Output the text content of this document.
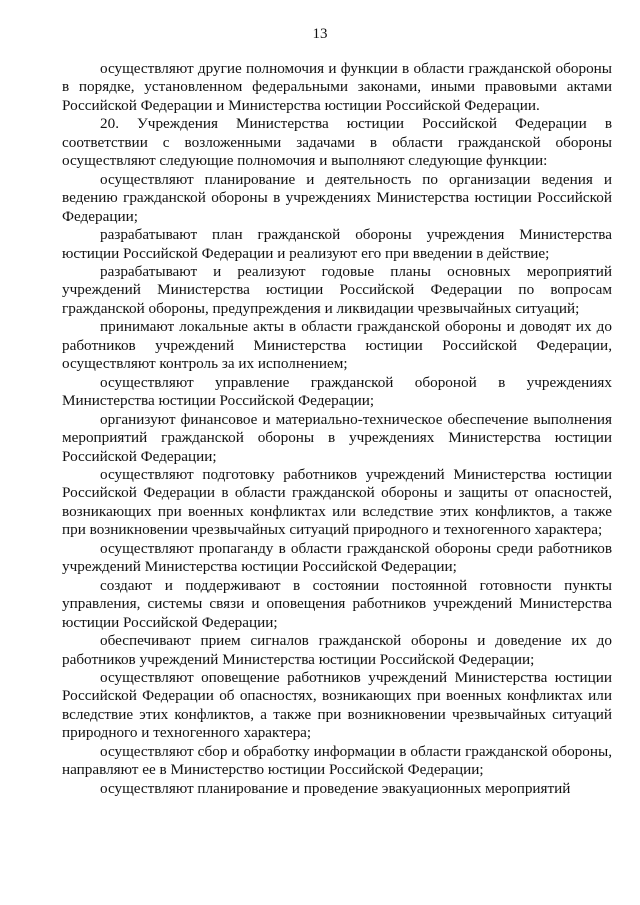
13

осуществляют другие полномочия и функции в области гражданской обороны в порядке, установленном федеральными законами, иными правовыми актами Российской Федерации и Министерства юстиции Российской Федерации.

20. Учреждения Министерства юстиции Российской Федерации в соответствии с возложенными задачами в области гражданской обороны осуществляют следующие полномочия и выполняют следующие функции:

осуществляют планирование и деятельность по организации ведения и ведению гражданской обороны в учреждениях Министерства юстиции Российской Федерации;

разрабатывают план гражданской обороны учреждения Министерства юстиции Российской Федерации и реализуют его при введении в действие;

разрабатывают и реализуют годовые планы основных мероприятий учреждений Министерства юстиции Российской Федерации по вопросам гражданской обороны, предупреждения и ликвидации чрезвычайных ситуаций;

принимают локальные акты в области гражданской обороны и доводят их до работников учреждений Министерства юстиции Российской Федерации, осуществляют контроль за их исполнением;

осуществляют управление гражданской обороной в учреждениях Министерства юстиции Российской Федерации;

организуют финансовое и материально-техническое обеспечение выполнения мероприятий гражданской обороны в учреждениях Министерства юстиции Российской Федерации;

осуществляют подготовку работников учреждений Министерства юстиции Российской Федерации в области гражданской обороны и защиты от опасностей, возникающих при военных конфликтах или вследствие этих конфликтов, а также при возникновении чрезвычайных ситуаций природного и техногенного характера;

осуществляют пропаганду в области гражданской обороны среди работников учреждений Министерства юстиции Российской Федерации;

создают и поддерживают в состоянии постоянной готовности пункты управления, системы связи и оповещения работников учреждений Министерства юстиции Российской Федерации;

обеспечивают прием сигналов гражданской обороны и доведение их до работников учреждений Министерства юстиции Российской Федерации;

осуществляют оповещение работников учреждений Министерства юстиции Российской Федерации об опасностях, возникающих при военных конфликтах или вследствие этих конфликтов, а также при возникновении чрезвычайных ситуаций природного и техногенного характера;

осуществляют сбор и обработку информации в области гражданской обороны, направляют ее в Министерство юстиции Российской Федерации;

осуществляют планирование и проведение эвакуационных мероприятий
